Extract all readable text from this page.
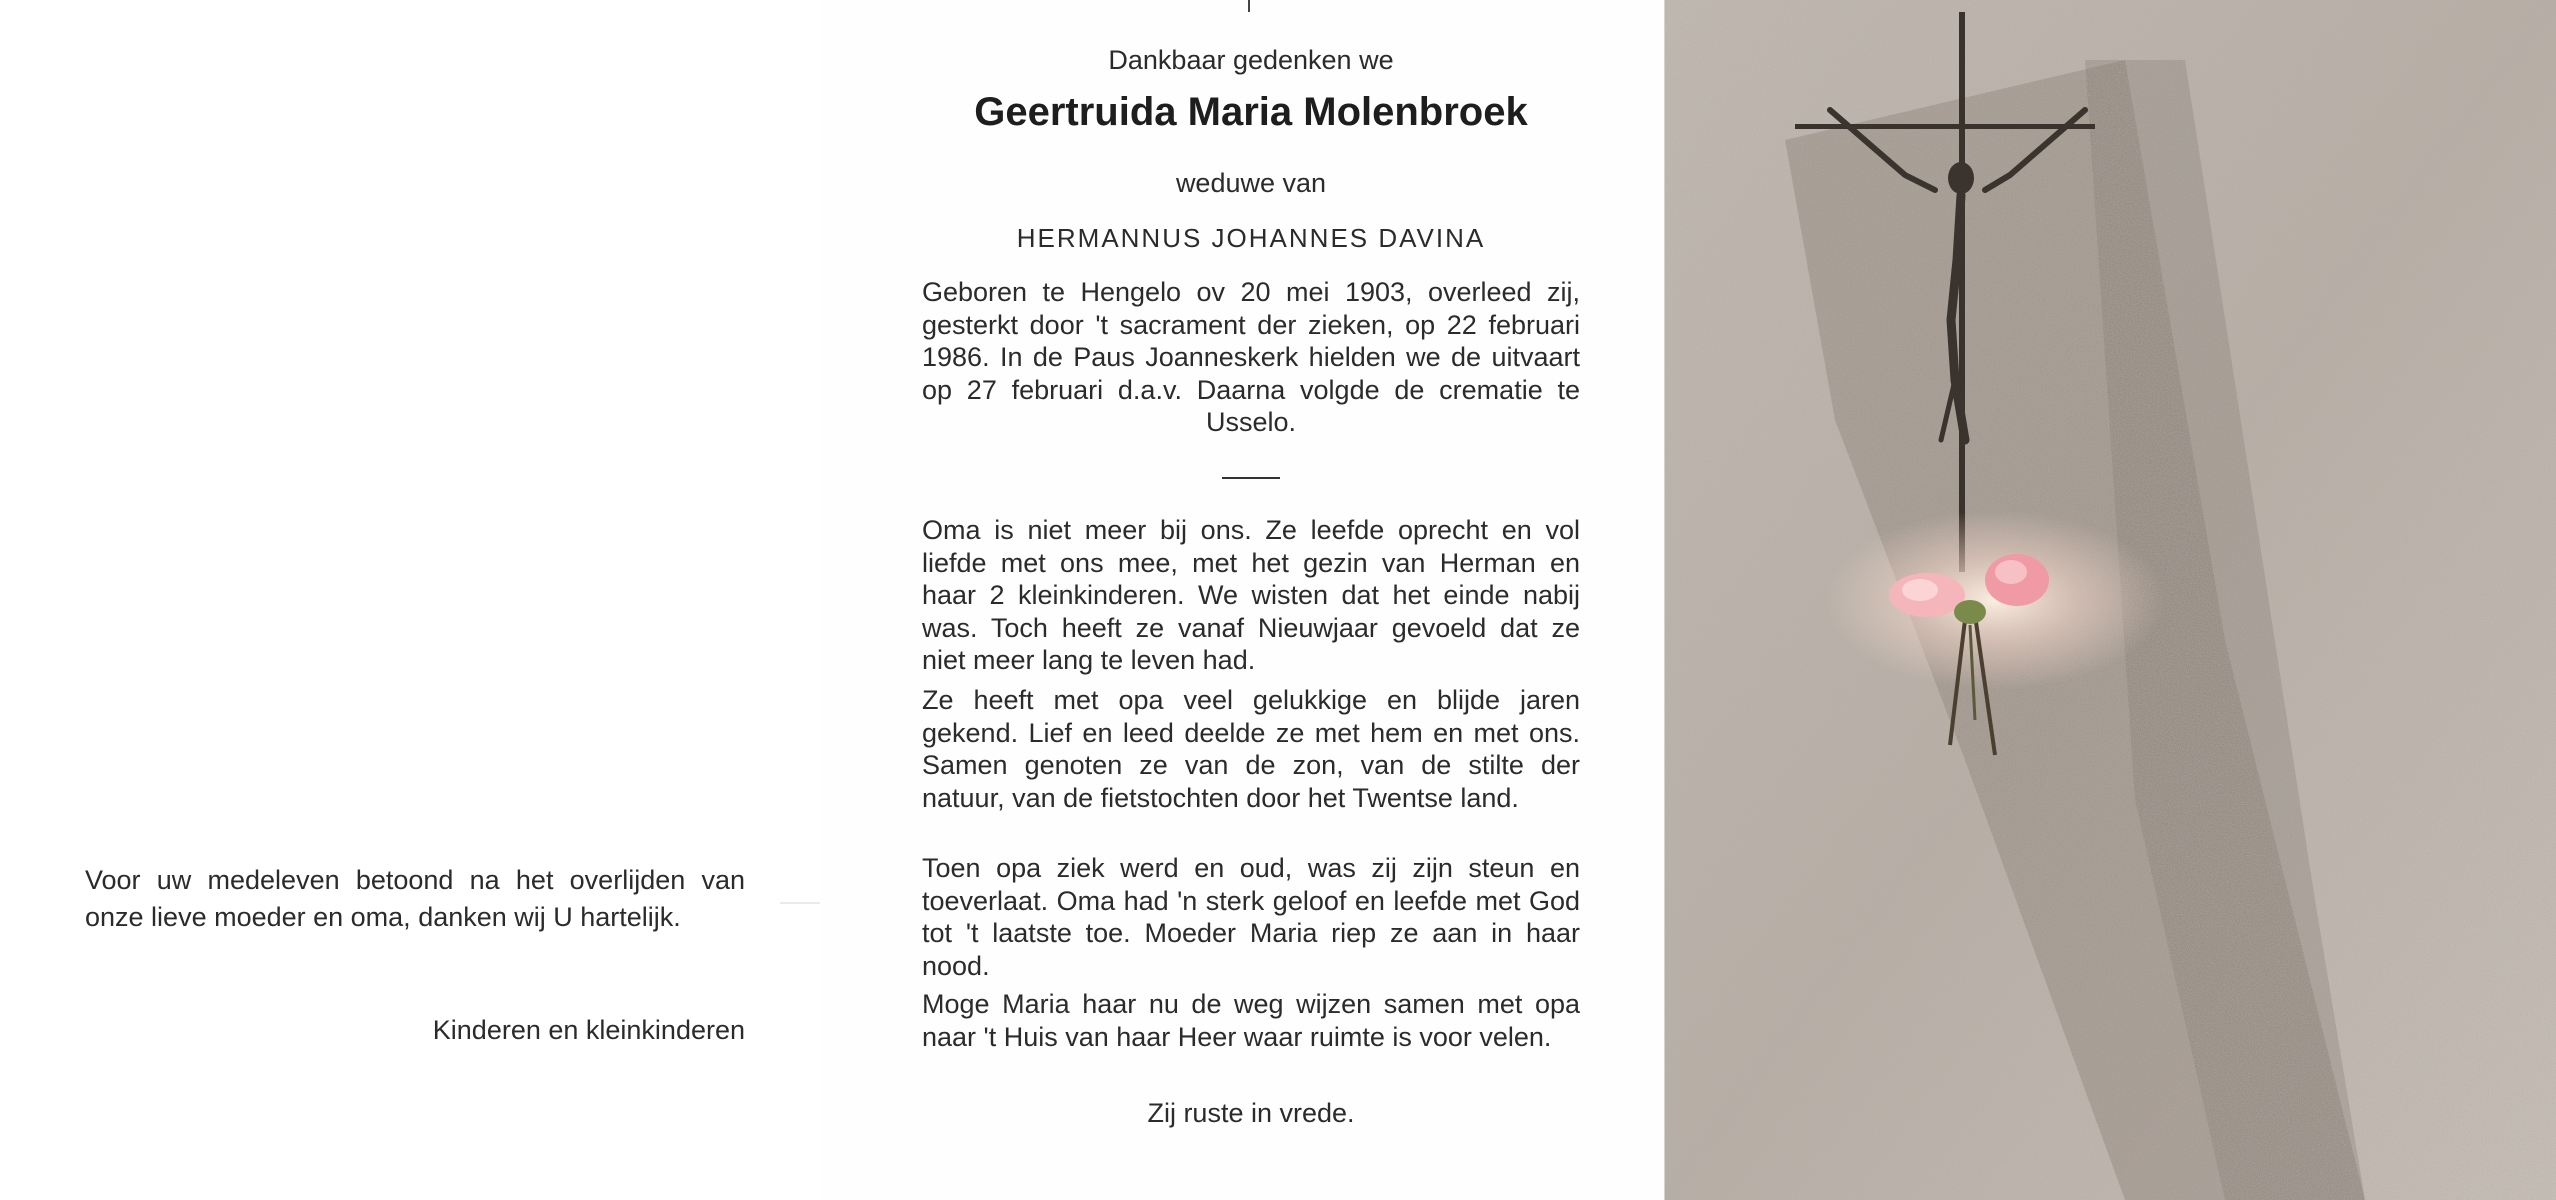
Voor uw medeleven betoond na het overlijden van onze lieve moeder en oma, danken wij U hartelijk.
Kinderen en kleinkinderen
Dankbaar gedenken we
Geertruida Maria Molenbroek
weduwe van
HERMANNUS JOHANNES DAVINA
Geboren te Hengelo ov 20 mei 1903, overleed zij, gesterkt door 't sacrament der zieken, op 22 februari 1986. In de Paus Joanneskerk hielden we de uitvaart op 27 februari d.a.v. Daarna volgde de crematie te Usselo.

Oma is niet meer bij ons. Ze leefde oprecht en vol liefde met ons mee, met het gezin van Herman en haar 2 kleinkinderen. We wisten dat het einde nabij was. Toch heeft ze vanaf Nieuwjaar gevoeld dat ze niet meer lang te leven had.

Ze heeft met opa veel gelukkige en blijde jaren gekend. Lief en leed deelde ze met hem en met ons. Samen genoten ze van de zon, van de stilte der natuur, van de fietstochten door het Twentse land.

Toen opa ziek werd en oud, was zij zijn steun en toeverlaat. Oma had 'n sterk geloof en leefde met God tot 't laatste toe. Moeder Maria riep ze aan in haar nood.

Moge Maria haar nu de weg wijzen samen met opa naar 't Huis van haar Heer waar ruimte is voor velen.

Zij ruste in vrede.
